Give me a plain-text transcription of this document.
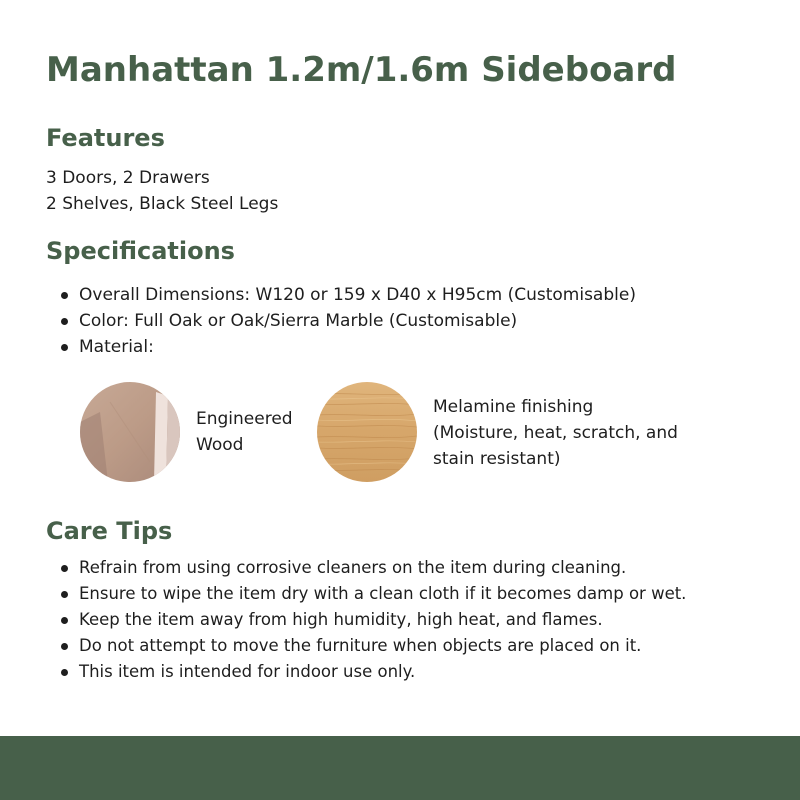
Manhattan 1.2m/1.6m Sideboard
Features
3 Doors, 2 Drawers
2 Shelves, Black Steel Legs
Specifications
Overall Dimensions: W120 or 159 x D40 x H95cm (Customisable)
Color: Full Oak or Oak/Sierra Marble (Customisable)
Material:
Engineered
Wood
Melamine finishing
(Moisture, heat, scratch, and
stain resistant)
Care Tips
Refrain from using corrosive cleaners on the item during cleaning.
Ensure to wipe the item dry with a clean cloth if it becomes damp or wet.
Keep the item away from high humidity, high heat, and flames.
Do not attempt to move the furniture when objects are placed on it.
This item is intended for indoor use only.
